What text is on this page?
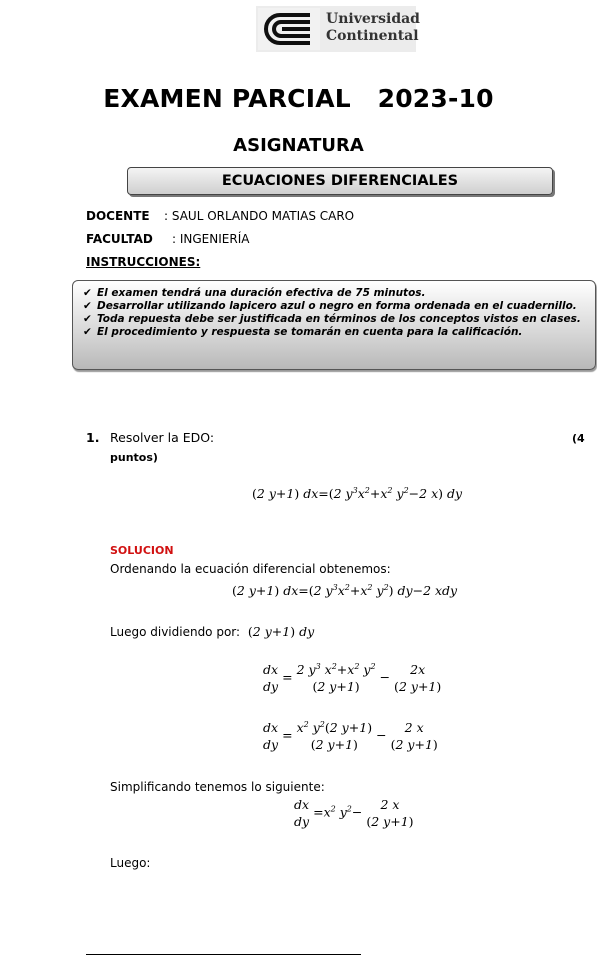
Universidad
Continental
EXAMEN PARCIAL   2023-10
ASIGNATURA
ECUACIONES DIFERENCIALES
DOCENTE : SAUL ORLANDO MATIAS CARO
FACULTAD : INGENIERÍA
INSTRUCCIONES:
✔ El examen tendrá una duración efectiva de 75 minutos.
✔ Desarrollar utilizando lapicero azul o negro en forma ordenada en el cuadernillo.
✔ Toda repuesta debe ser justificada en términos de los conceptos vistos en clases.
✔ El procedimiento y respuesta se tomarán en cuenta para la calificación.
1. Resolver la EDO:	(4
puntos)
(2 y+1) dx=(2 $y^3x^2+x^2$ $y^2-2$ x) dy
SOLUCION
Ordenando la ecuación diferencial obtenemos:
(2 y+1) dx=(2 $y^3x^2+x^2$ $y^2$) dy−2 xdy
Luego dividiendo por: (2 y+1) dy
dx
dy
= 2 $y^3$ $x^2+x^2$ $y^2$
(2 y+1)
−	2x
(2 y+1)
dx
dy
= $x^2$ $y^2(2$ y+1)
(2 y+1)
−	2 x
(2 y+1)
Simplificando tenemos lo siguiente:
dx
dy
$=x^2$ $y^2-$	2 x
(2 y+1)
Luego:
